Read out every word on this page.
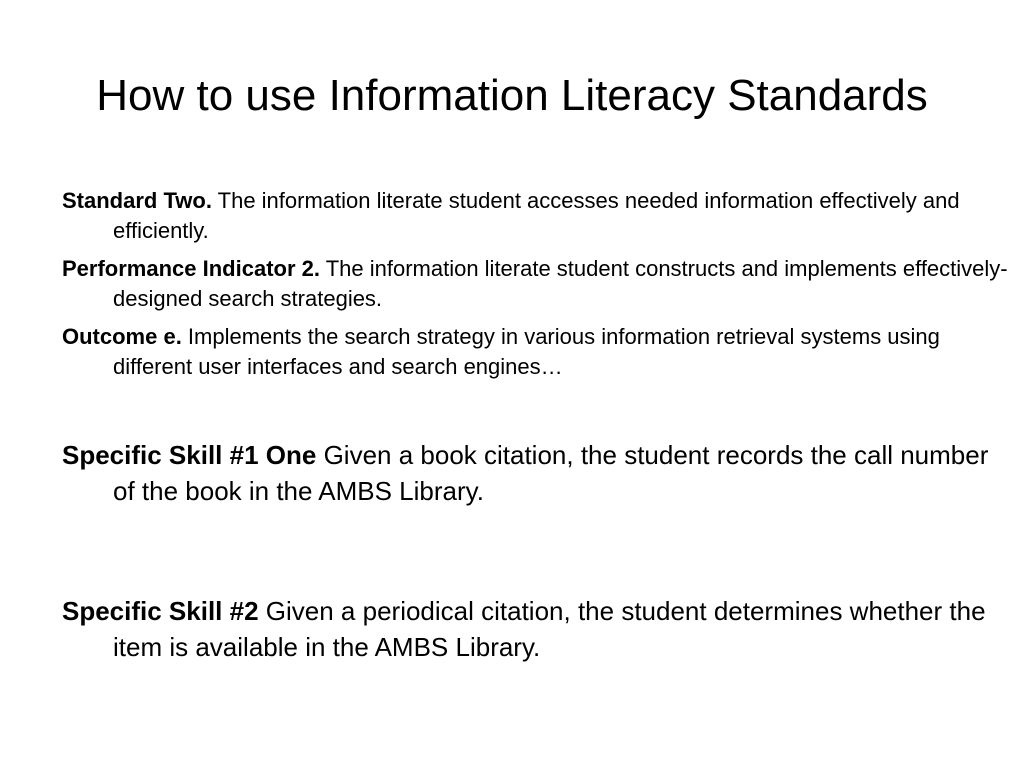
How to use Information Literacy Standards

Standard Two. The information literate student accesses needed information effectively and efficiently.

Performance Indicator 2. The information literate student constructs and implements effectively-designed search strategies.

Outcome e. Implements the search strategy in various information retrieval systems using different user interfaces and search engines…

Specific Skill #1 One Given a book citation, the student records the call number of the book in the AMBS Library.

Specific Skill #2 Given a periodical citation, the student determines whether the item is available in the AMBS Library.
